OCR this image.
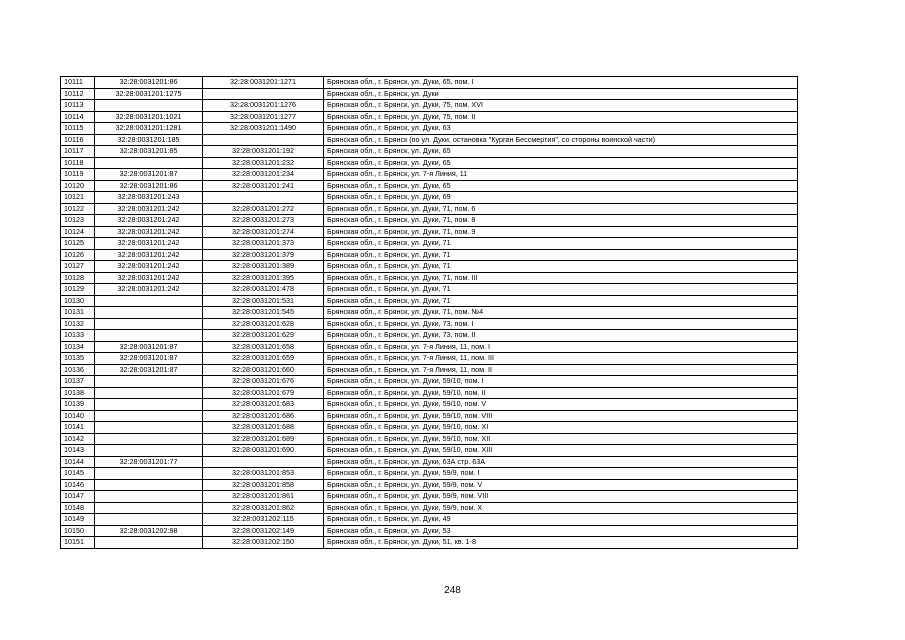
10111	32:28:0031201:86	32:28:0031201:1271	Брянская обл., г. Брянск, ул. Дуки, 65, пом. I
10112	32:28:0031201:1275		Брянская обл., г. Брянск, ул. Дуки
10113		32:28:0031201:1276	Брянская обл., г. Брянск, ул. Дуки, 75, пом. XVI
10114	32:28:0031201:1021	32:28:0031201:1277	Брянская обл., г. Брянск, ул. Дуки, 75, пом. II
10115	32:28:0031201:1281	32:28:0031201:1490	Брянская обл., г. Брянск, ул. Дуки, 63
10116	32:28:0031201:185		Брянская обл., г. Брянск (по ул. Дуки, остановка "Курган Бессмертия", со стороны воинской части)
10117	32:28:0031201:85	32:28:0031201:192	Брянская обл., г. Брянск, ул. Дуки, 65
10118		32:28:0031201:232	Брянская обл., г. Брянск, ул. Дуки, 65
10119	32:28:0031201:87	32:28:0031201:234	Брянская обл., г. Брянск, ул. 7-я Линия, 11
10120	32:28:0031201:86	32:28:0031201:241	Брянская обл., г. Брянск, ул. Дуки, 65
10121	32:28:0031201:243		Брянская обл., г. Брянск, ул. Дуки, 69
10122	32:28:0031201:242	32:28:0031201:272	Брянская обл., г. Брянск, ул. Дуки, 71, пом. 6
10123	32:28:0031201:242	32:28:0031201:273	Брянская обл., г. Брянск, ул. Дуки, 71, пом. 8
10124	32:28:0031201:242	32:28:0031201:274	Брянская обл., г. Брянск, ул. Дуки, 71, пом. 9
10125	32:28:0031201:242	32:28:0031201:373	Брянская обл., г. Брянск, ул. Дуки, 71
10126	32:28:0031201:242	32:28:0031201:379	Брянская обл., г. Брянск, ул. Дуки, 71
10127	32:28:0031201:242	32:28:0031201:389	Брянская обл., г. Брянск, ул. Дуки, 71
10128	32:28:0031201:242	32:28:0031201:395	Брянская обл., г. Брянск, ул. Дуки, 71, пом. III
10129	32:28:0031201:242	32:28:0031201:478	Брянская обл., г. Брянск, ул. Дуки, 71
10130		32:28:0031201:531	Брянская обл., г. Брянск, ул. Дуки, 71
10131		32:28:0031201:545	Брянская обл., г. Брянск, ул. Дуки, 71, пом. №4
10132		32:28:0031201:628	Брянская обл., г. Брянск, ул. Дуки, 73, пом. I
10133		32:28:0031201:629	Брянская обл., г. Брянск, ул. Дуки, 73, пом. II
10134	32:28:0031201:87	32:28:0031201:658	Брянская обл., г. Брянск, ул. 7-я Линия, 11, пом. I
10135	32:28:0031201:87	32:28:0031201:659	Брянская обл., г. Брянск, ул. 7-я Линия, 11, пом. III
10136	32:28:0031201:87	32:28:0031201:660	Брянская обл., г. Брянск, ул. 7-я Линия, 11, пом. II
10137		32:28:0031201:676	Брянская обл., г. Брянск, ул. Дуки, 59/10, пом. I
10138		32:28:0031201:679	Брянская обл., г. Брянск, ул. Дуки, 59/10, пом. II
10139		32:28:0031201:683	Брянская обл., г. Брянск, ул. Дуки, 59/10, пом. V
10140		32:28:0031201:686	Брянская обл., г. Брянск, ул. Дуки, 59/10, пом. VIII
10141		32:28:0031201:688	Брянская обл., г. Брянск, ул. Дуки, 59/10, пом. XI
10142		32:28:0031201:689	Брянская обл., г. Брянск, ул. Дуки, 59/10, пом. XII
10143		32:28:0031201:690	Брянская обл., г. Брянск, ул. Дуки, 59/10, пом. XIII
10144	32:28:0031201:77		Брянская обл., г. Брянск, ул. Дуки, 63А стр. 63А
10145		32:28:0031201:853	Брянская обл., г. Брянск, ул. Дуки, 59/9, пом. I
10146		32:28:0031201:858	Брянская обл., г. Брянск, ул. Дуки, 59/9, пом. V
10147		32:28:0031201:861	Брянская обл., г. Брянск, ул. Дуки, 59/9, пом. VIII
10148		32:28:0031201:862	Брянская обл., г. Брянск, ул. Дуки, 59/9, пом. X
10149		32:28:0031202:115	Брянская обл., г. Брянск, ул. Дуки, 49
10150	32:28:0031202:98	32:28:0031202:149	Брянская обл., г. Брянск, ул. Дуки, 53
10151		32:28:0031202:150	Брянская обл., г. Брянск, ул. Дуки, 51, кв. 1-8
248
